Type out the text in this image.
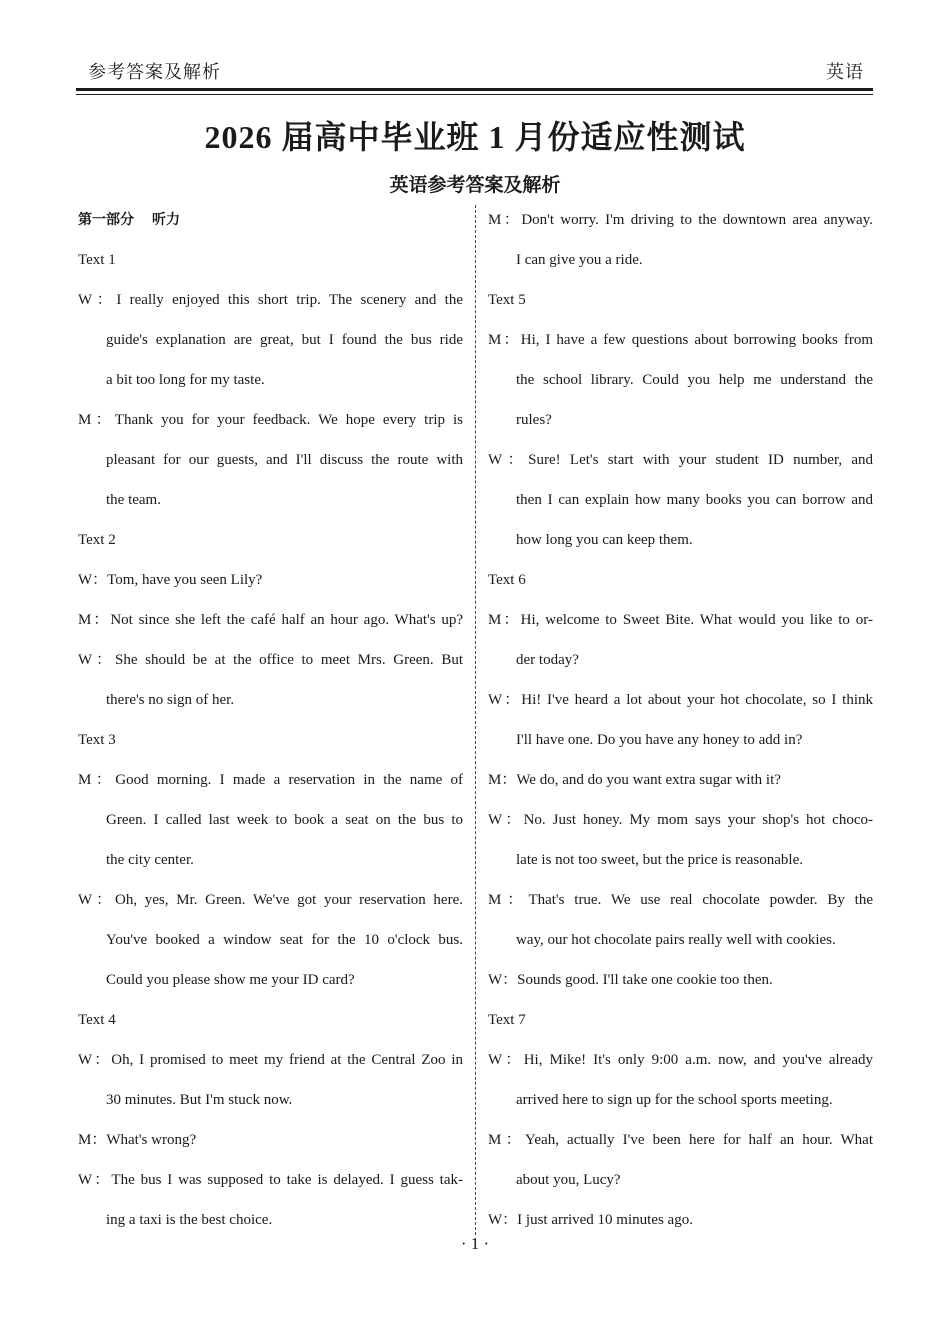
参考答案及解析	英语
2026 届高中毕业班 1 月份适应性测试
英语参考答案及解析
第一部分 听力
Text 1
W：I really enjoyed this short trip. The scenery and the
guide's explanation are great, but I found the bus ride
a bit too long for my taste.
M：Thank you for your feedback. We hope every trip is
pleasant for our guests, and I'll discuss the route with
the team.
Text 2
W：Tom, have you seen Lily?
M：Not since she left the café half an hour ago. What's up?
W：She should be at the office to meet Mrs. Green. But
there's no sign of her.
Text 3
M：Good morning. I made a reservation in the name of
Green. I called last week to book a seat on the bus to
the city center.
W：Oh, yes, Mr. Green. We've got your reservation here.
You've booked a window seat for the 10 o'clock bus.
Could you please show me your ID card?
Text 4
W：Oh, I promised to meet my friend at the Central Zoo in
30 minutes. But I'm stuck now.
M：What's wrong?
W：The bus I was supposed to take is delayed. I guess tak-
ing a taxi is the best choice.
M：Don't worry. I'm driving to the downtown area anyway.
I can give you a ride.
Text 5
M：Hi, I have a few questions about borrowing books from
the school library. Could you help me understand the
rules?
W：Sure! Let's start with your student ID number, and
then I can explain how many books you can borrow and
how long you can keep them.
Text 6
M：Hi, welcome to Sweet Bite. What would you like to or-
der today?
W：Hi! I've heard a lot about your hot chocolate, so I think
I'll have one. Do you have any honey to add in?
M：We do, and do you want extra sugar with it?
W：No. Just honey. My mom says your shop's hot choco-
late is not too sweet, but the price is reasonable.
M：That's true. We use real chocolate powder. By the
way, our hot chocolate pairs really well with cookies.
W：Sounds good. I'll take one cookie too then.
Text 7
W：Hi, Mike! It's only 9:00 a.m. now, and you've already
arrived here to sign up for the school sports meeting.
M：Yeah, actually I've been here for half an hour. What
about you, Lucy?
W：I just arrived 10 minutes ago.
· 1 ·
